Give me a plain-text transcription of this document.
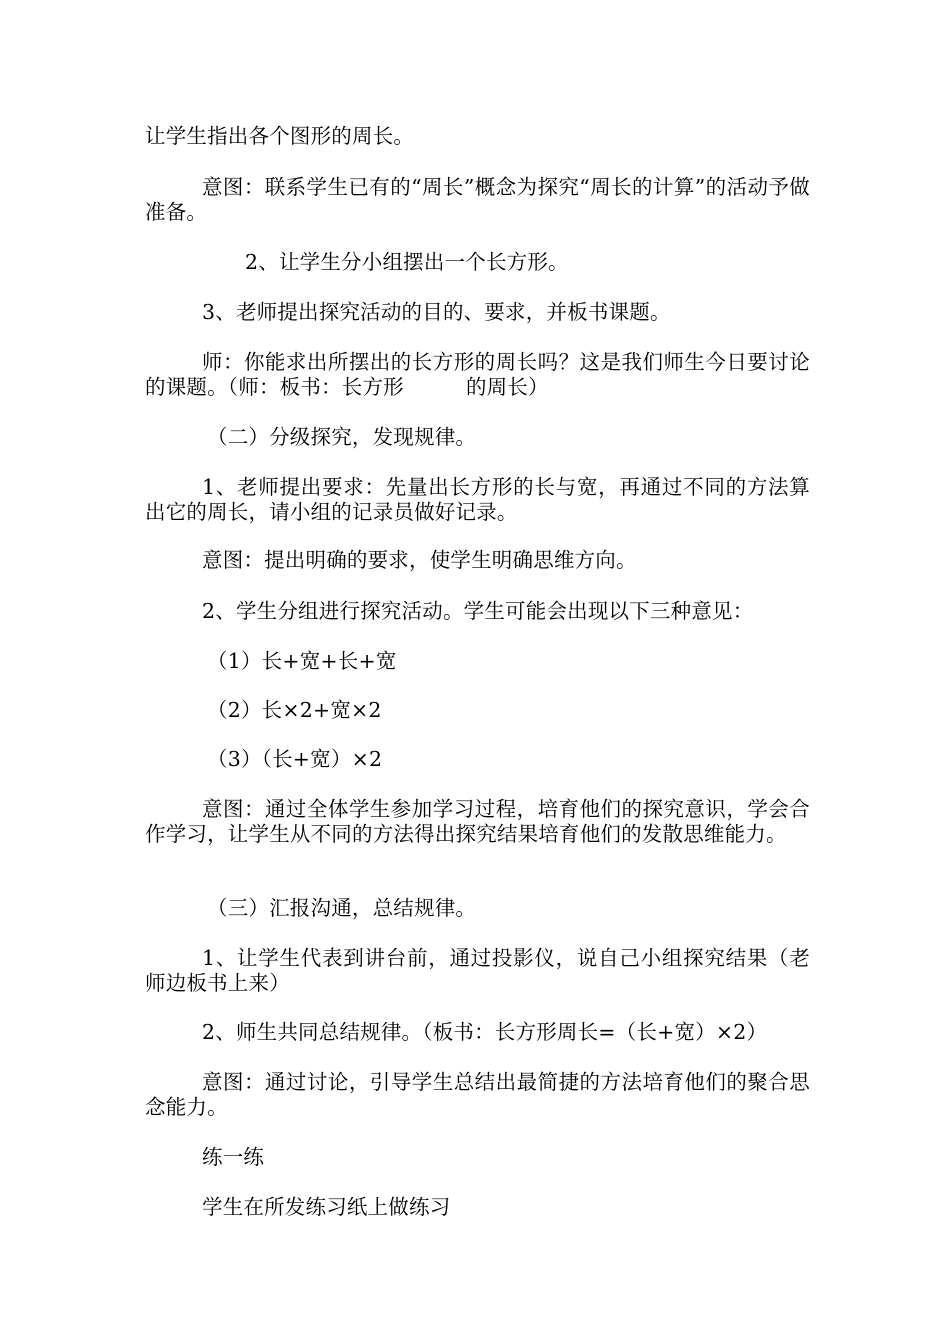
让学生指出各个图形的周长。

意图：联系学生已有的“周长”概念为探究“周长的计算”的活动予做准备。

2、让学生分小组摆出一个长方形。

3、老师提出探究活动的目的、要求，并板书课题。

师：你能求出所摆出的长方形的周长吗？这是我们师生今日要讨论的课题。（师：板书：长方形　　　的周长）

（二）分级探究，发现规律。

1、老师提出要求：先量出长方形的长与宽，再通过不同的方法算出它的周长，请小组的记录员做好记录。

意图：提出明确的要求，使学生明确思维方向。

2、学生分组进行探究活动。学生可能会出现以下三种意见：

（1）长+宽+长+宽

（2）长×2+宽×2

（3）（长+宽）×2

意图：通过全体学生参加学习过程，培育他们的探究意识，学会合作学习，让学生从不同的方法得出探究结果培育他们的发散思维能力。

（三）汇报沟通，总结规律。

1、让学生代表到讲台前，通过投影仪，说自己小组探究结果（老师边板书上来）

2、师生共同总结规律。（板书：长方形周长=（长+宽）×2）

意图：通过讨论，引导学生总结出最简捷的方法培育他们的聚合思念能力。

练一练

学生在所发练习纸上做练习
